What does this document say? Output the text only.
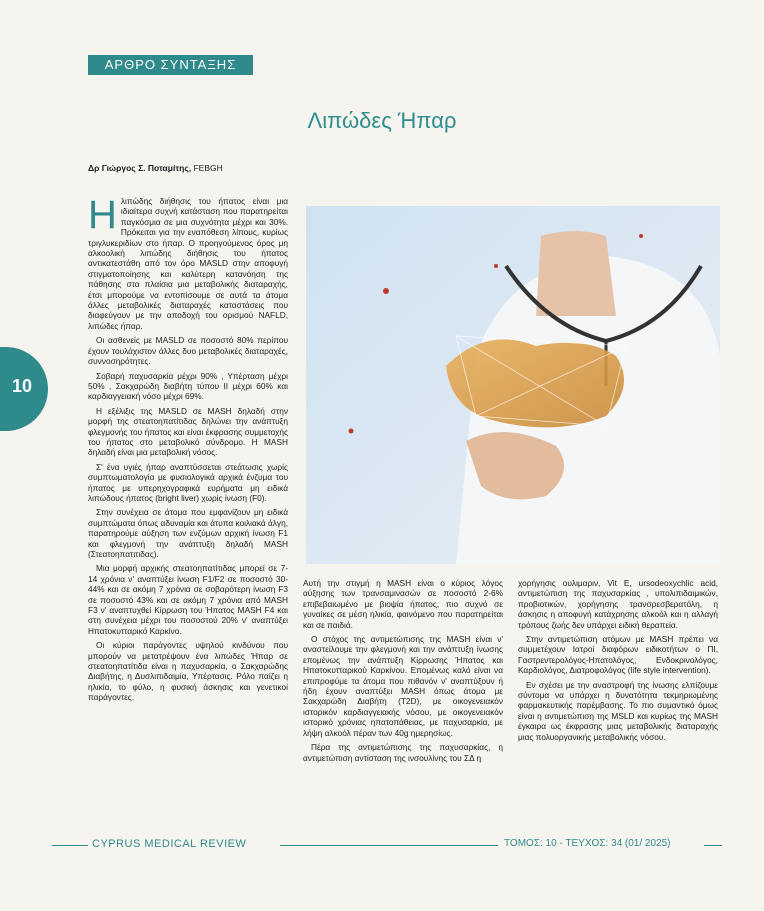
ΑΡΘΡΟ ΣΥΝΤΑΞΗΣ
Λιπώδες Ήπαρ
Δρ Γιώργος Σ. Ποταμίτης, FEBGH
10

Ηλιπώδης διήθησις του ήπατος είναι μια ιδιαίτερα συχνή κατάσταση που παρατηρείται παγκόσμια σε μια συχνότητα μέχρι και 30%. Πρόκειται για την εναπόθεση λίπους, κυρίως τριγλυκεριδίων στο ήπαρ. Ο προηγούμενος όρος μη αλκοολική λιπώδης διήθησις του ήπατος αντικατεστάθη από τον όρο MASLD στην αποφυγή στιγματοποίησης και καλύτερη κατανόηση της πάθησης στα πλαίσια μια μεταβολικής διαταραχής, έτσι μπορούμε να εντοπίσουμε σε αυτά τα άτομα άλλες μεταβολικές διαταραχές καταστάσεις που διαφεύγουν με την αποδοχή του ορισμού NAFLD, λιπώδες ήπαρ.

Οι ασθενείς με MASLD σε ποσοστό 80% περίπου έχουν τουλάχιστον άλλες δυο μεταβολικές διαταραχές, συννοσηρότητες.

Σοβαρή παχυσαρκία μέχρι 90% , Υπέρταση μέχρι 50% , Σακχαρώδη διαβήτη τύπου ΙΙ μέχρι 60% και καρδιαγγειακή νόσο μέχρι 69%.

Η εξέλιξις της MASLD σε MASH δηλαδή στην μορφή της στεατοηπατίτιδας δηλώνει την ανάπτυξη φλεγμονής του ήπατος και είναι έκφρασης συμμετοχής του ήπατος στο μεταβολικό σύνδρομο. Η MASH δηλαδή είναι μια μεταβολική νόσος.

Σ' ένα υγιές ήπαρ αναπτύσσεται στεάτωσις χωρίς συμπτωματολογία με φυσιολογικά αρχικά ένζυμα του ήπατος με υπερηχογραφικά ευρήματα μη ειδικά λιπώδους ήπατος (bright liver) χωρίς ίνωση (F0).

Στην συνέχεια σε άτομα που εμφανίζουν μη ειδικά συμπτώματα όπως αδυναμία και άτυπα κοιλιακά άλγη, παρατηρούμε αύξηση των ενζύμων αρχική ίνωση F1 και φλεγμονή την ανάπτυξη δηλαδή MASH (Στεατοηπατιτιδας).

Μια μορφή αρχικής στεατοηπατίτιδας μπορεί σε 7-14 χρόνια ν' αναπτύξει ίνωση F1/F2 σε ποσοστό 30-44% και σε ακόμη 7 χρόνια σε σοβαρότερη ίνωση F3 σε ποσοστό 43% και σε ακόμη 7 χρόνια από MASH F3 ν' αναπτυχθεί Κίρρωση του Ήπατος MASH F4 και στη συνέχεια μέχρι του ποσοστού 20% ν' αναπτύξει Ηπατοκυτταρικό Καρκίνο.

Οι κύριοι παράγοντες υψηλού κινδύνου που μπορούν να μετατρέψουν ένα λιπώδες Ήπαρ σε στεατοηπατίτιδα είναι η παχυσαρκία, ο Σακχαρώδης Διαβήτης, η Δυσλιπιδαιμία, Υπέρτασις. Ρόλο παίζει η ηλικία, το φύλο, η φυσική άσκησις και γενετικοί παράγοντες.

Αυτή την στιγμή η MASH είναι ο κύριος λόγος αύξησης των τρανσαμινασών σε ποσοστό 2-6% επιβεβαιωμένο με βιοψία ήπατος, πιο συχνό σε γυναίκες σε μέση ηλικία, φαινόμενο που παρατηρείται και σε παιδιά.

Ο στόχος της αντιμετώπισης της MASH είναι ν' αναστείλουμε την φλεγμονή και την ανάπτυξη ίνωσης επομένως την ανάπτυξη Κίρρωσης Ήπατος και Ηπατοκυτταρικού Καρκίνου. Επομένως καλό είναι να επιπροφύμε τα άτομα που πιθανόν ν' αναπτύξουν ή ήδη έχουν αναπτύξει MASH όπως άτομα με Σακχαρώδη Διαβήτη (T2D), με οικογενειακόν ιστορικόν καρδιαγγειακής νόσου, με οικογενειακόν ιστορικό χρόνιας ηπατοπάθειας, με παχυσαρκία, με λήψη αλκοόλ πέραν των 40g ημερησίως.

Πέρα της αντιμετώπισης της παχυσαρκίας, η αντιμετώπιση αντίσταση της ινσουλίνης του ΣΔ η

χορήγησις ουλιμαριν, Vit E, ursodeoxychlic acid, αντιμετώπιση της παχυσαρκίας , υπολιπιδαιμικών, προβιοτικών, χορήγησης τρανσρεσβερατόλη, η άσκησις η αποφυγή κατάχρησης αλκοόλ και η αλλαγή τρόπους ζωής δεν υπάρχει ειδική θεραπεία.

Στην αντιμετώπιση ατόμων με MASH πρέπει να συμμετέχουν Ιατροί διαφόρων ειδικοτήτων ο ΠΙ, Γαστρεντερολόγος-Ηπατολόγος, Ενδοκρινολόγος, Καρδιολόγος, Διατροφολόγος (life style intervention).

Εν σχέσει με την αναστροφή της ίνωσης ελπίζουμε σύντομα να υπάρχει η δυνατότητα τεκμηριωμένης φαρμακευτικής παρέμβασης. Το πιο συμαντικό όμως είναι η αντιμετώπιση της MSLD και κυρίως της MASH έγκαιρα ως έκφρασης μιας μεταβολικής διαταραχής μιας πολυοργανικής μεταβολικής νόσου.

CYPRUS MEDICAL REVIEW	ΤΟΜΟΣ: 10 - ΤΕΥΧΟΣ: 34 (01/ 2025)
